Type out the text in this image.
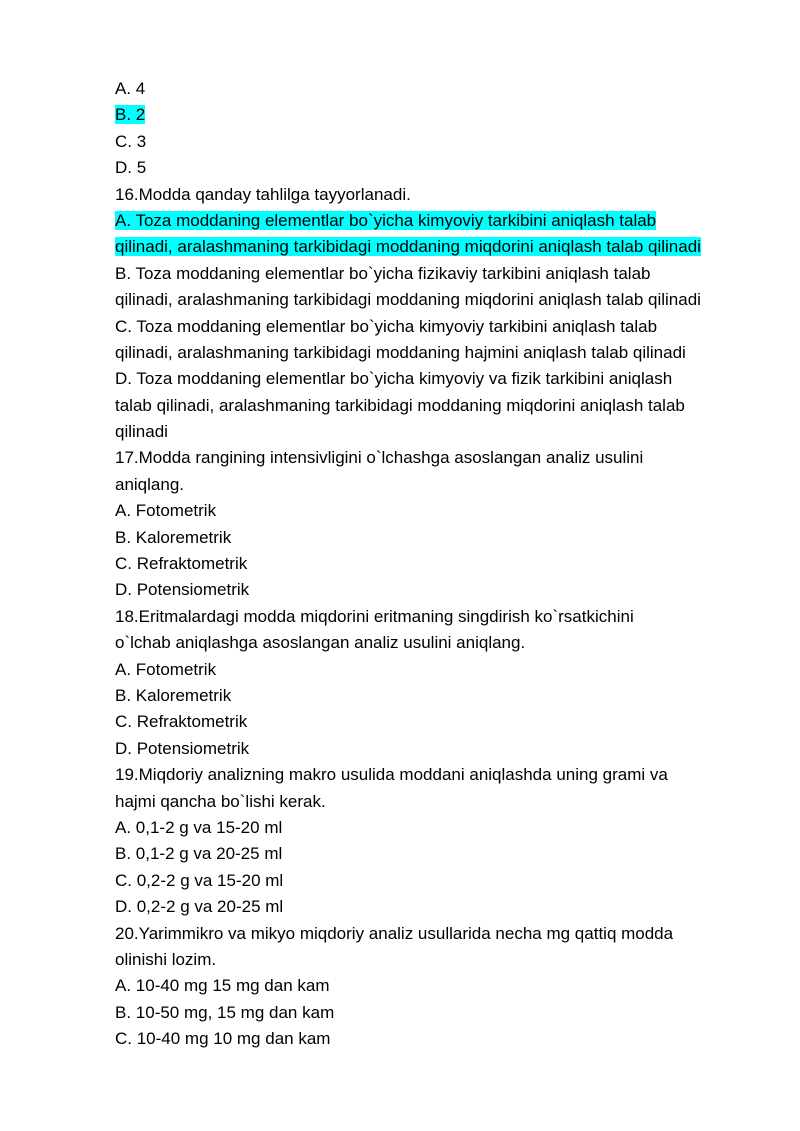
A. 4
B. 2
C. 3
D. 5
16.Modda qanday tahlilga tayyorlanadi.
A. Toza moddaning elementlar bo`yicha kimyoviy tarkibini aniqlash talab
qilinadi, aralashmaning tarkibidagi moddaning miqdorini aniqlash talab qilinadi
B. Toza moddaning elementlar bo`yicha fizikaviy tarkibini aniqlash talab
qilinadi, aralashmaning tarkibidagi moddaning miqdorini aniqlash talab qilinadi
C. Toza moddaning elementlar bo`yicha kimyoviy tarkibini aniqlash talab
qilinadi, aralashmaning tarkibidagi moddaning hajmini aniqlash talab qilinadi
D. Toza moddaning elementlar bo`yicha kimyoviy va fizik tarkibini aniqlash
talab qilinadi, aralashmaning tarkibidagi moddaning miqdorini aniqlash talab
qilinadi
17.Modda rangining intensivligini o`lchashga asoslangan analiz usulini
aniqlang.
A. Fotometrik
B. Kaloremetrik
C. Refraktometrik
D. Potensiometrik
18.Eritmalardagi modda miqdorini eritmaning singdirish ko`rsatkichini
o`lchab aniqlashga asoslangan analiz usulini aniqlang.
A. Fotometrik
B. Kaloremetrik
C. Refraktometrik
D. Potensiometrik
19.Miqdoriy analizning makro usulida moddani aniqlashda uning grami va
hajmi qancha bo`lishi kerak.
A. 0,1-2 g va 15-20 ml
B. 0,1-2 g va 20-25 ml
C. 0,2-2 g va 15-20 ml
D. 0,2-2 g va 20-25 ml
20.Yarimmikro va mikyo miqdoriy analiz usullarida necha mg qattiq modda
olinishi lozim.
A. 10-40 mg 15 mg dan kam
B. 10-50 mg, 15 mg dan kam
C. 10-40 mg 10 mg dan kam
